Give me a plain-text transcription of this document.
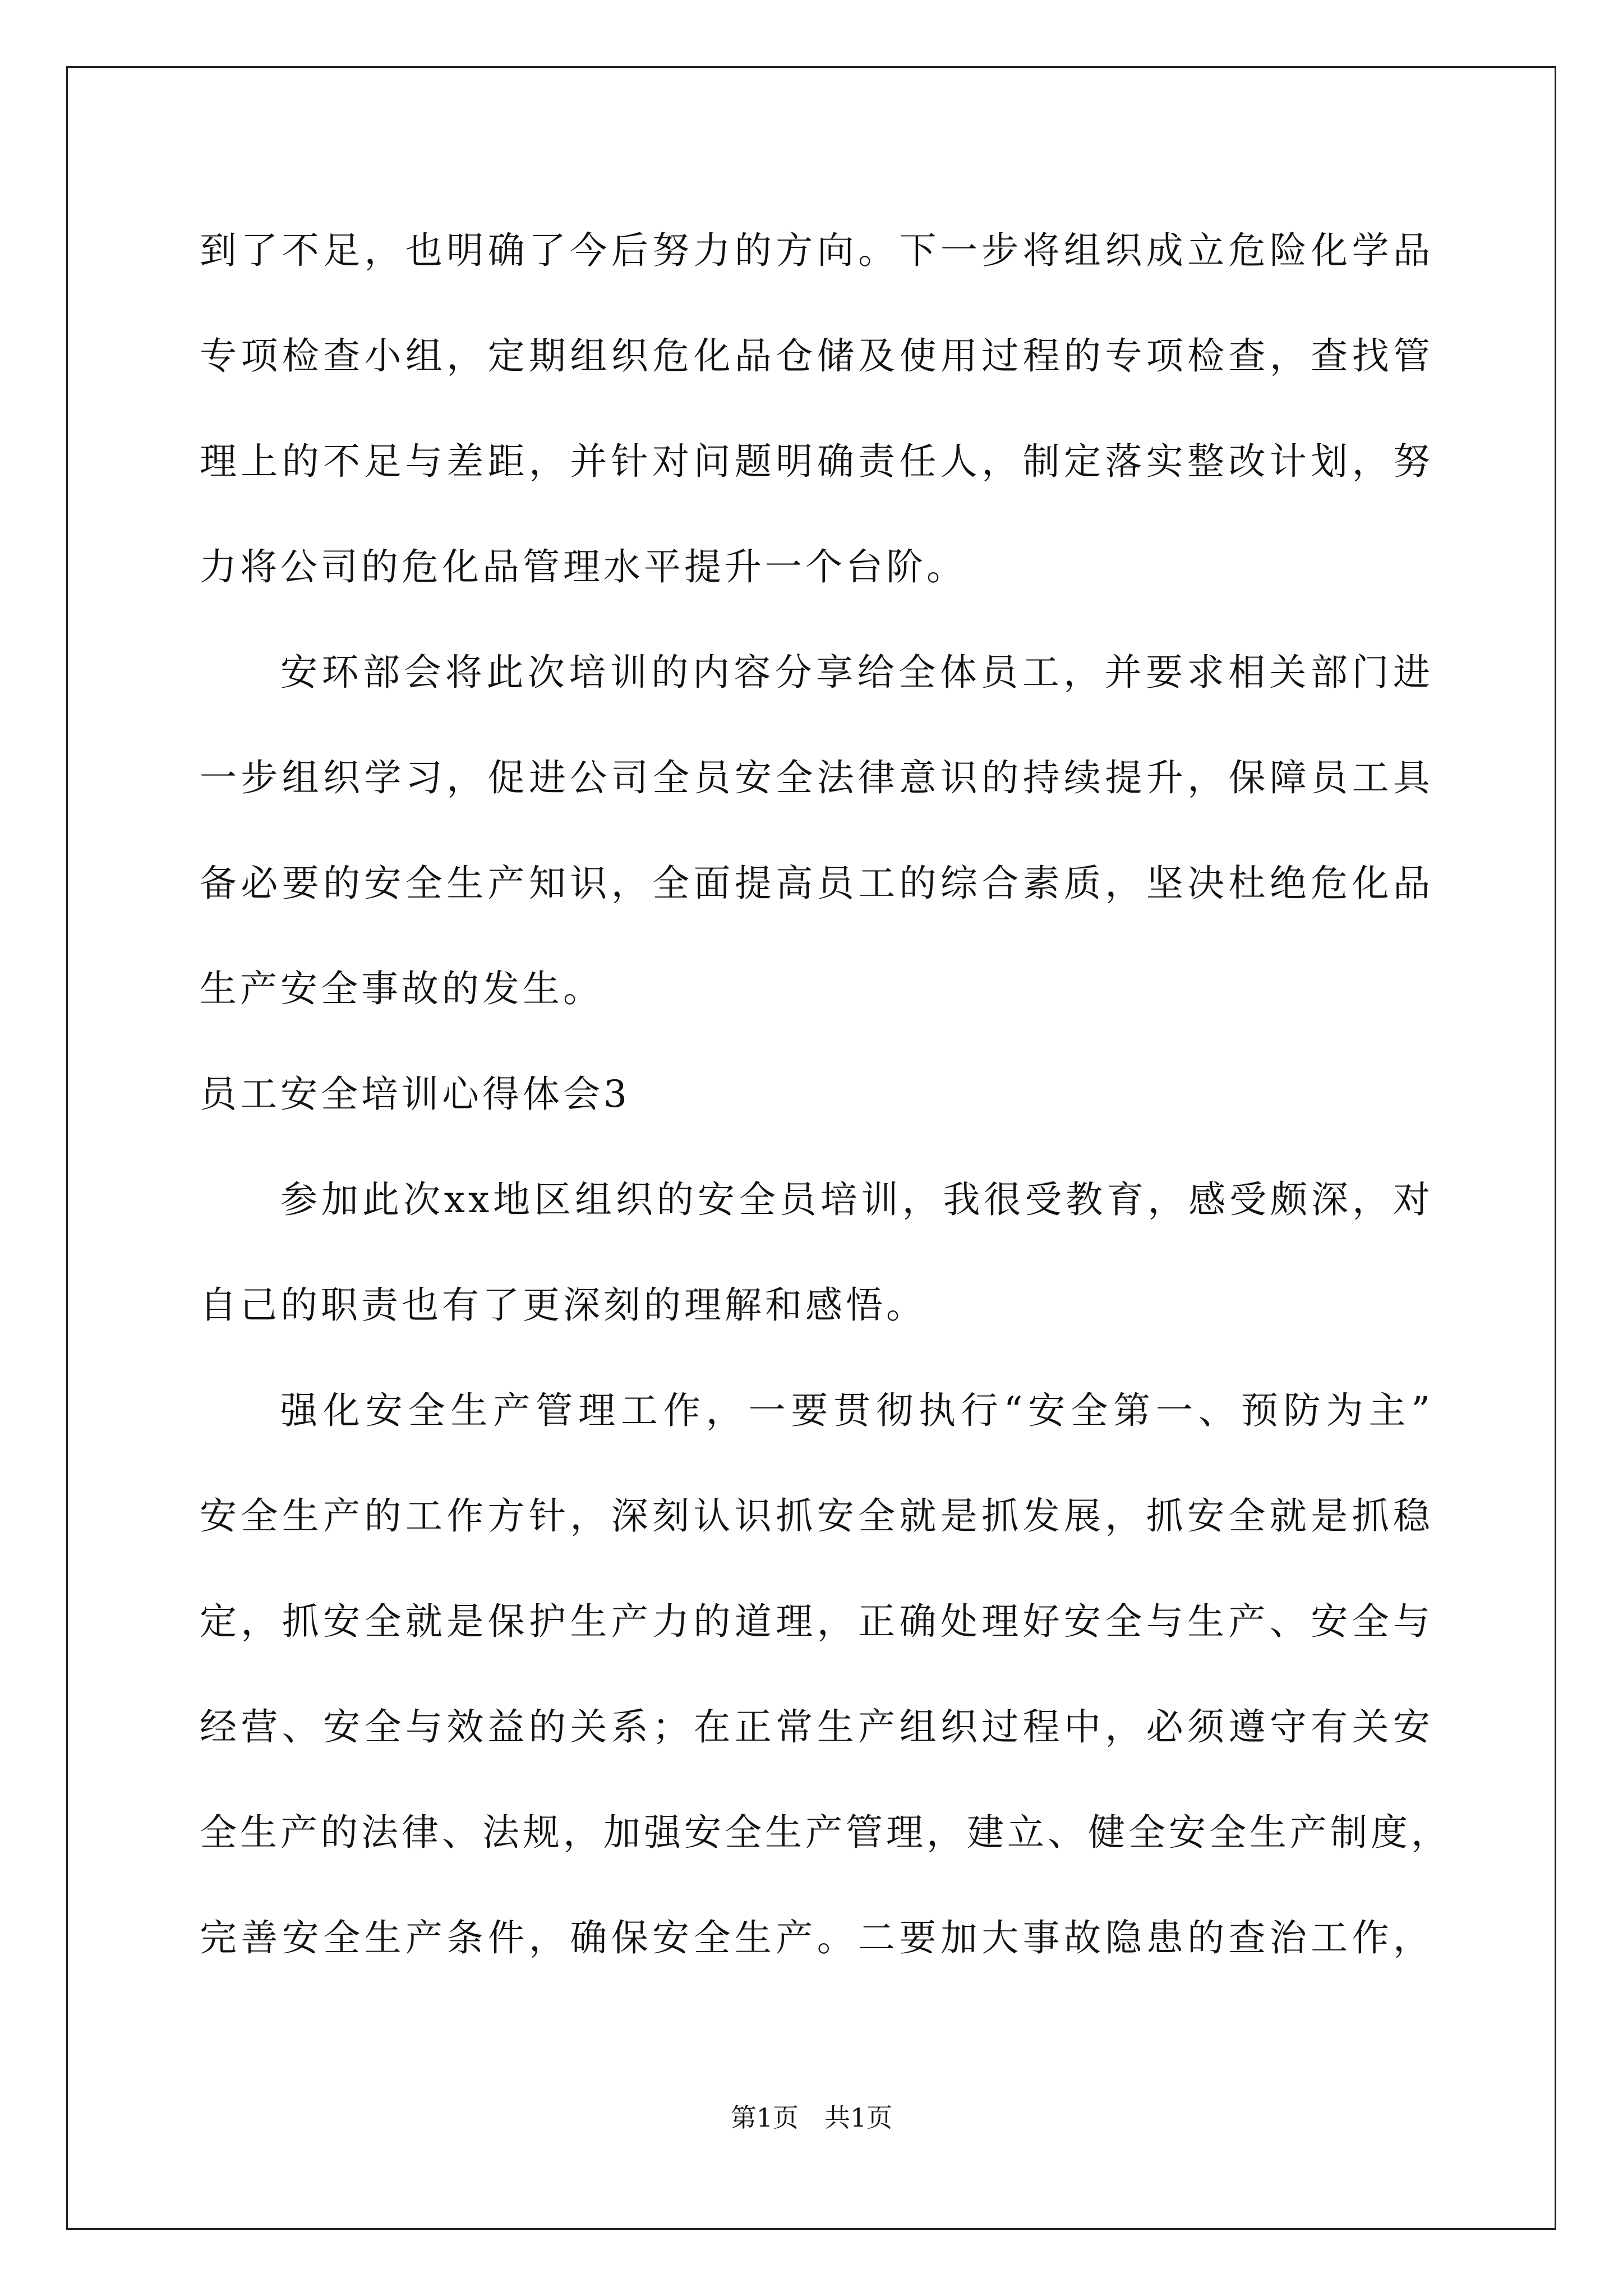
到了不足，也明确了今后努力的方向。下一步将组织成立危险化学品
专项检查小组，定期组织危化品仓储及使用过程的专项检查，查找管
理上的不足与差距，并针对问题明确责任人，制定落实整改计划，努
力将公司的危化品管理水平提升一个台阶。
安环部会将此次培训的内容分享给全体员工，并要求相关部门进
一步组织学习，促进公司全员安全法律意识的持续提升，保障员工具
备必要的安全生产知识，全面提高员工的综合素质，坚决杜绝危化品
生产安全事故的发生。
员工安全培训心得体会3
参加此次xx地区组织的安全员培训，我很受教育，感受颇深，对
自己的职责也有了更深刻的理解和感悟。
强化安全生产管理工作，一要贯彻执行“安全第一、预防为主”
安全生产的工作方针，深刻认识抓安全就是抓发展，抓安全就是抓稳
定，抓安全就是保护生产力的道理，正确处理好安全与生产、安全与
经营、安全与效益的关系；在正常生产组织过程中，必须遵守有关安
全生产的法律、法规，加强安全生产管理，建立、健全安全生产制度，
完善安全生产条件，确保安全生产。二要加大事故隐患的查治工作，
第1页　共1页
